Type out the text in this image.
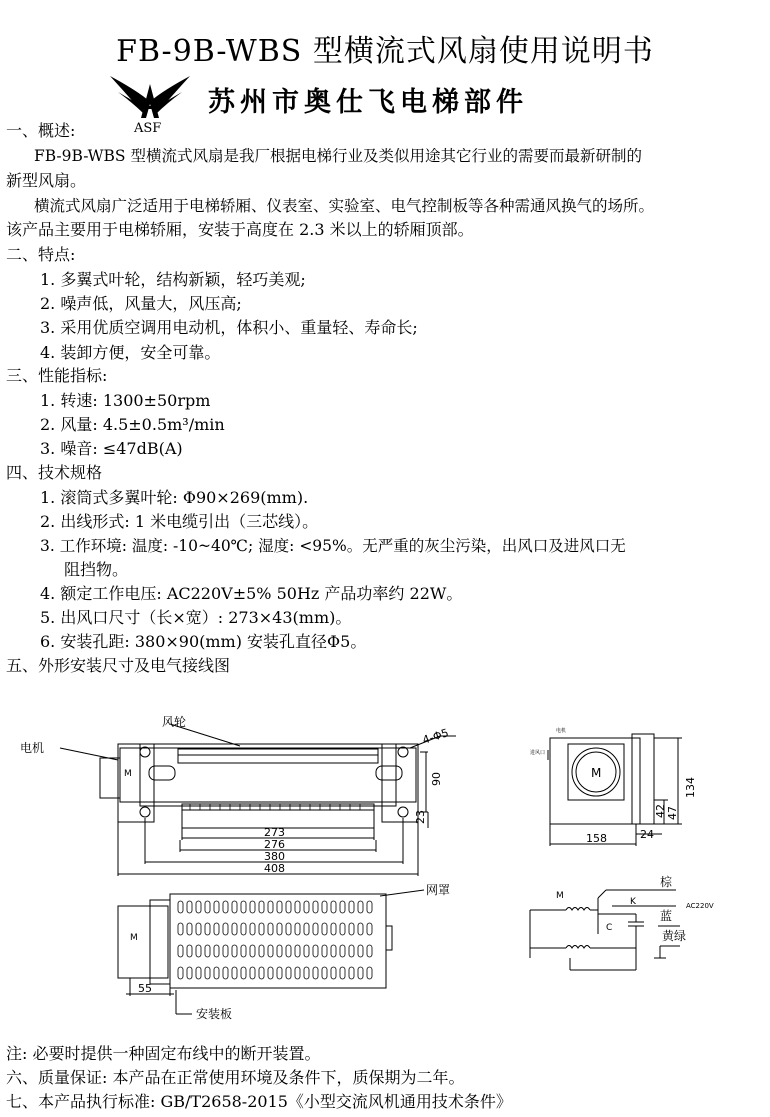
FB-9B-WBS 型横流式风扇使用说明书
ASF
苏州市奥仕飞电梯部件
一、概述:
FB-9B-WBS 型横流式风扇是我厂根据电梯行业及类似用途其它行业的需要而最新研制的
新型风扇。
横流式风扇广泛适用于电梯轿厢、仪表室、实验室、电气控制板等各种需通风换气的场所。
该产品主要用于电梯轿厢，安装于高度在 2.3 米以上的轿厢顶部。
二、特点:
1. 多翼式叶轮，结构新颖，轻巧美观;
2. 噪声低，风量大，风压高;
3. 采用优质空调用电动机，体积小、重量轻、寿命长;
4. 装卸方便，安全可靠。
三、性能指标:
1. 转速: 1300±50rpm
2. 风量: 4.5±0.5m³/min
3. 噪音: ≤47dB(A)
四、技术规格
1. 滚筒式多翼叶轮: Φ90×269(mm).
2. 出线形式: 1 米电缆引出（三芯线）。
3. 工作环境: 温度: -10~40℃; 湿度: <95%。无严重的灰尘污染，出风口及进风口无
阻挡物。
4. 额定工作电压: AC220V±5% 50Hz 产品功率约 22W。
5. 出风口尺寸（长×宽）: 273×43(mm)。
6. 安装孔距: 380×90(mm) 安装孔直径Φ5。
五、外形安装尺寸及电气接线图
风轮
电机
M
4-Φ5
273
276
380
408
90
23
网罩
安装板
55
M
电机
进风口
M
134
47
42
158	24
M
K
C
棕
AC220V
蓝
黄绿
注: 必要时提供一种固定布线中的断开装置。
六、质量保证: 本产品在正常使用环境及条件下，质保期为二年。
七、本产品执行标准: GB/T2658-2015《小型交流风机通用技术条件》
